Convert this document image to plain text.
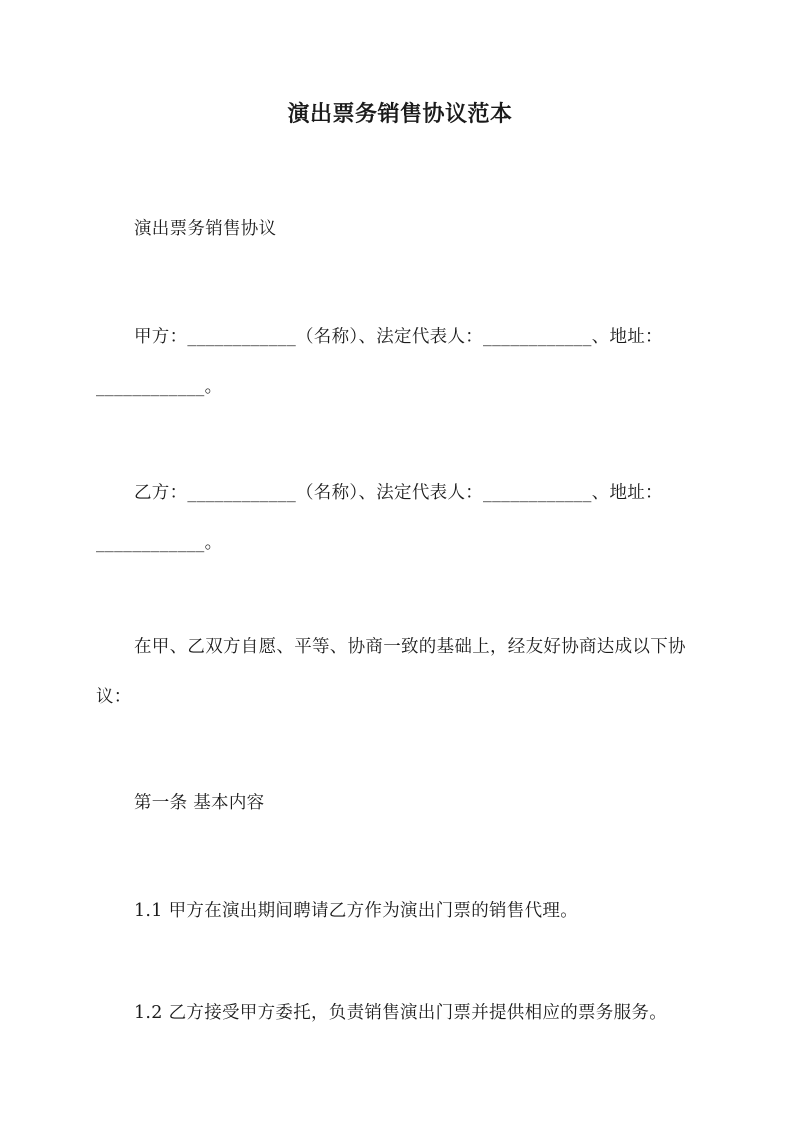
演出票务销售协议范本
演出票务销售协议
甲方：____________（名称）、法定代表人：____________、地址：____________。
乙方：____________（名称）、法定代表人：____________、地址：____________。
在甲、乙双方自愿、平等、协商一致的基础上，经友好协商达成以下协议：
第一条 基本内容
1.1 甲方在演出期间聘请乙方作为演出门票的销售代理。
1.2 乙方接受甲方委托，负责销售演出门票并提供相应的票务服务。
